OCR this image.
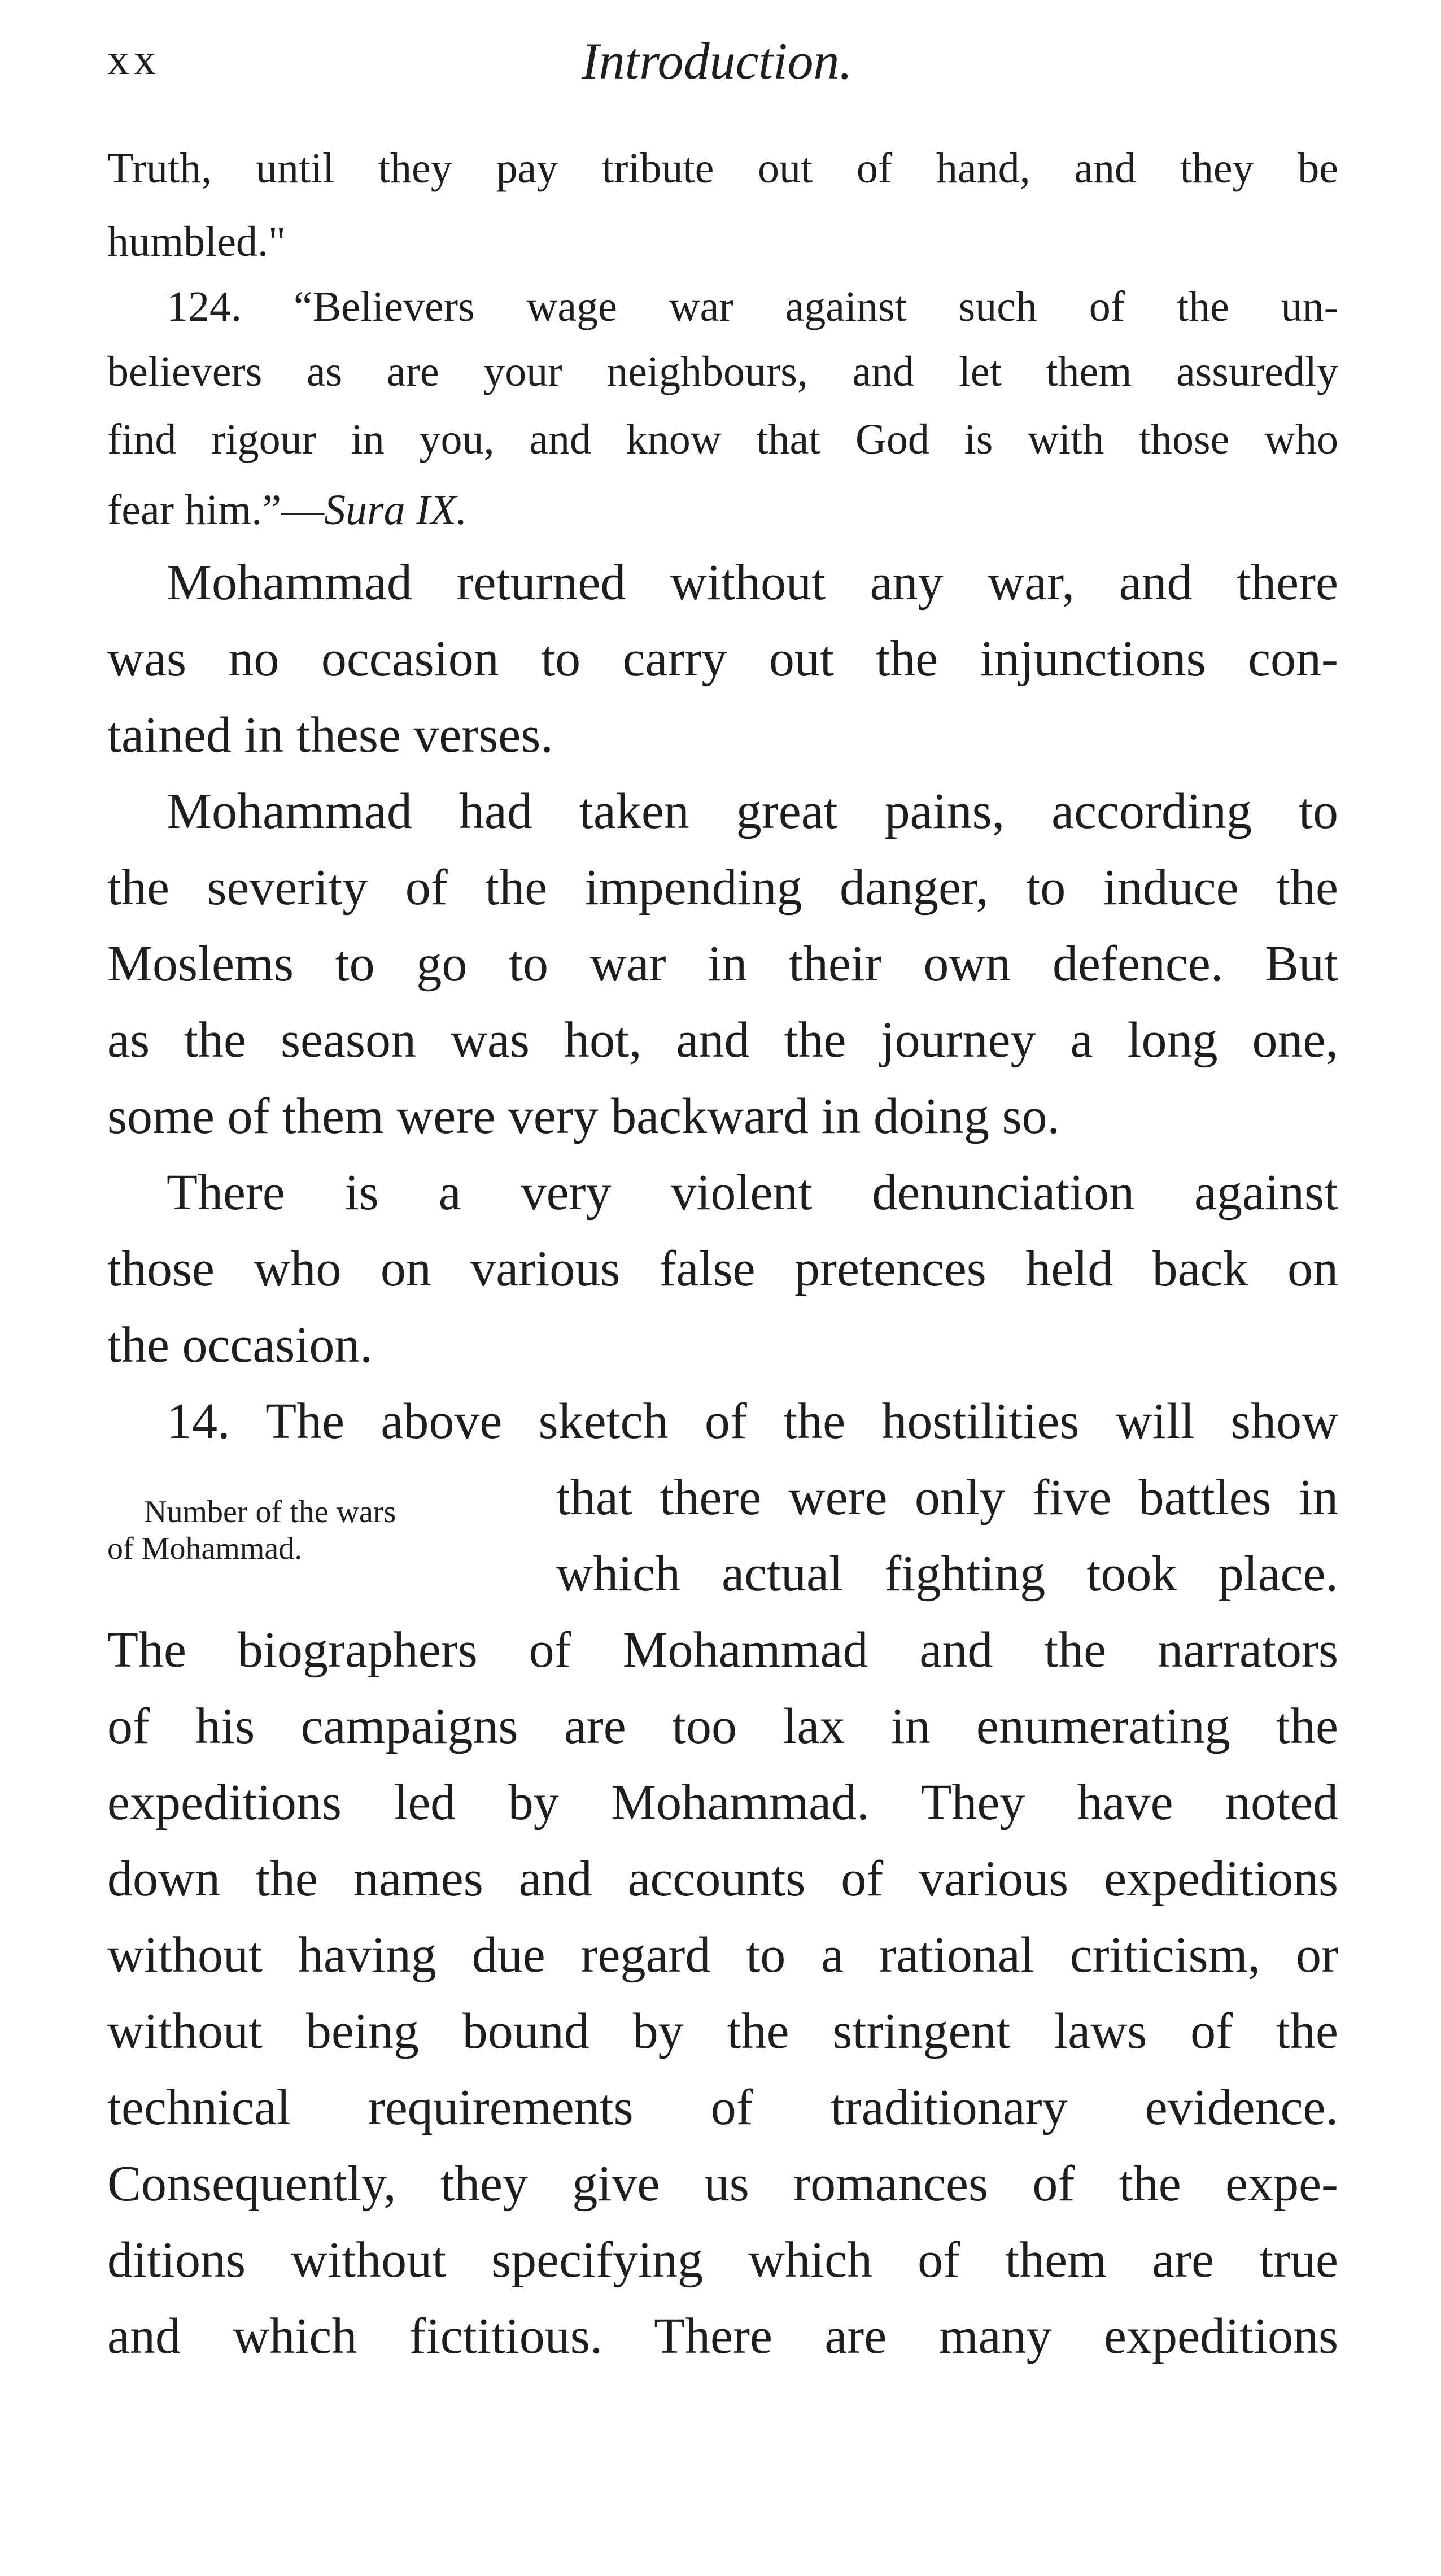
xx	Introduction.
Truth, until they pay tribute out of hand, and they be
humbled."
124. “Believers wage war against such of the un-
believers as are your neighbours, and let them assuredly
find rigour in you, and know that God is with those who
fear him.”—Sura IX.
Mohammad returned without any war, and there
was no occasion to carry out the injunctions con-
tained in these verses.
Mohammad had taken great pains, according to
the severity of the impending danger, to induce the
Moslems to go to war in their own defence. But
as the season was hot, and the journey a long one,
some of them were very backward in doing so.
There is a very violent denunciation against
those who on various false pretences held back on
the occasion.
14. The above sketch of the hostilities will show
Number of the wars
of Mohammad.
that there were only five battles in
which actual fighting took place.
The biographers of Mohammad and the narrators
of his campaigns are too lax in enumerating the
expeditions led by Mohammad. They have noted
down the names and accounts of various expeditions
without having due regard to a rational criticism, or
without being bound by the stringent laws of the
technical requirements of traditionary evidence.
Consequently, they give us romances of the expe-
ditions without specifying which of them are true
and which fictitious. There are many expeditions
